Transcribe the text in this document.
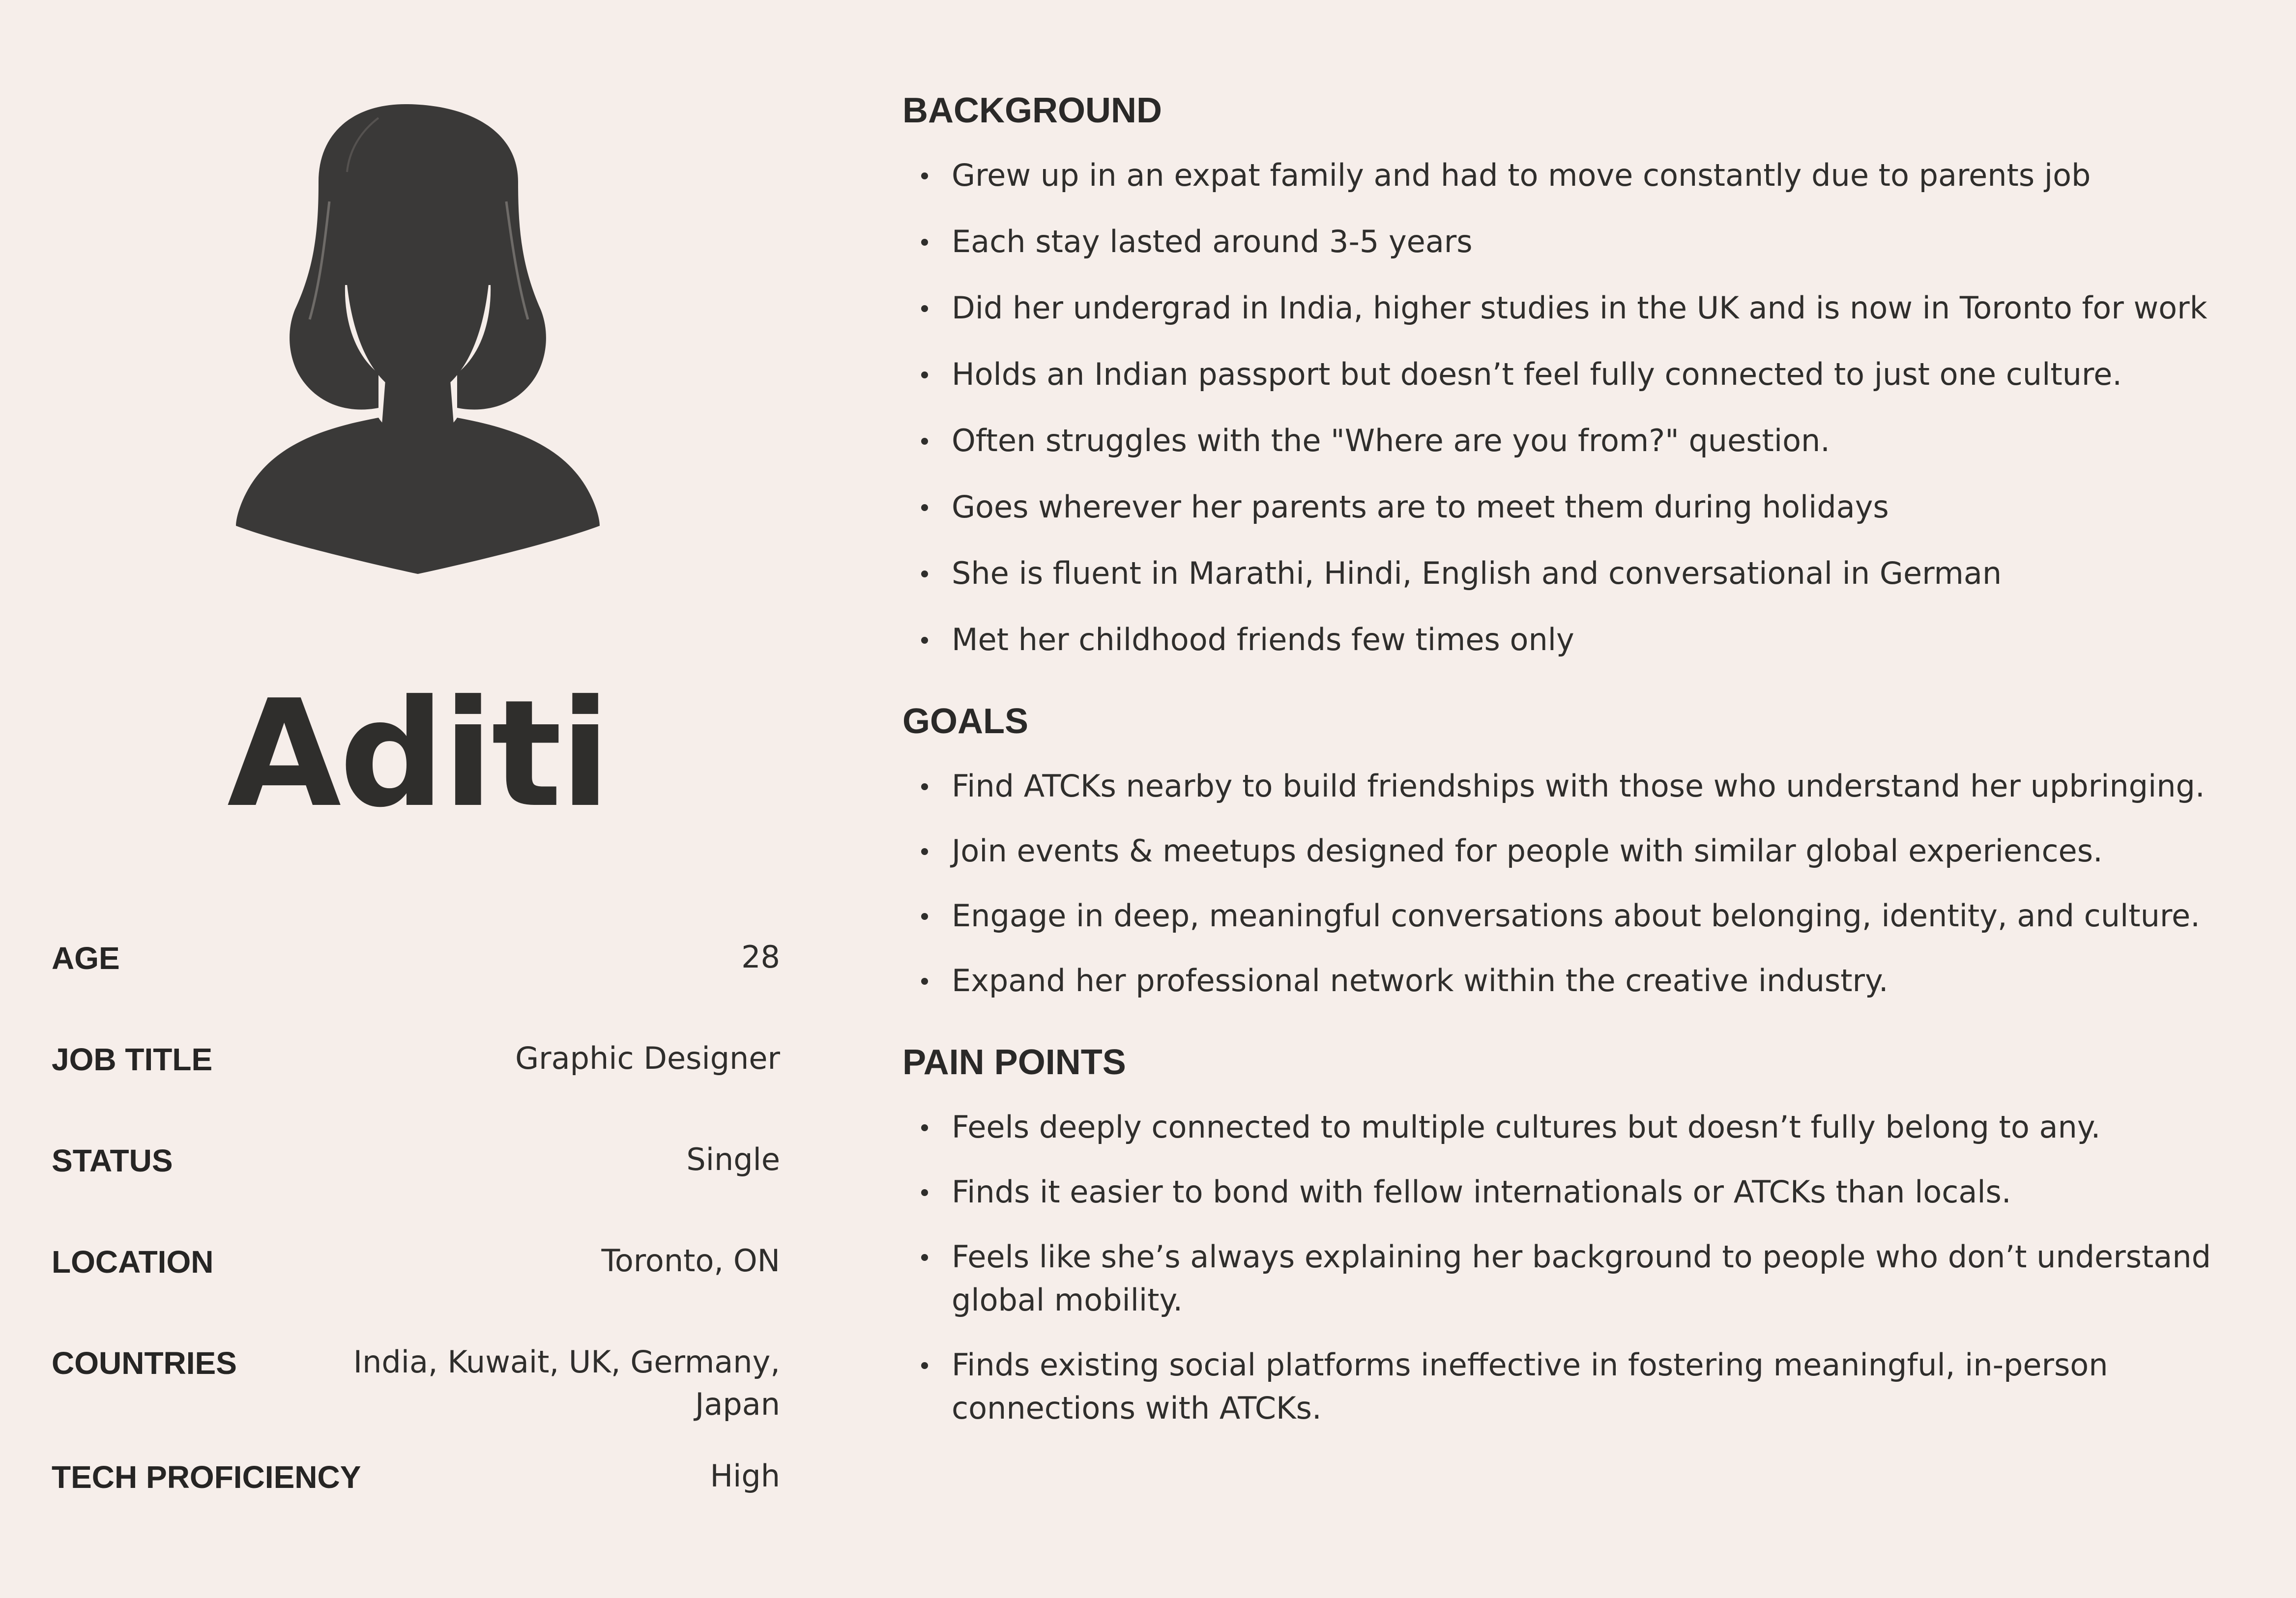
Aditi
AGE	28
JOB TITLE	Graphic Designer
STATUS	Single
LOCATION	Toronto, ON
COUNTRIES	India, Kuwait, UK, Germany,
Japan
TECH PROFICIENCY	High
BACKGROUND
Grew up in an expat family and had to move constantly due to parents job
Each stay lasted around 3-5 years
Did her undergrad in India, higher studies in the UK and is now in Toronto for work
Holds an Indian passport but doesn’t feel fully connected to just one culture.
Often struggles with the "Where are you from?" question.
Goes wherever her parents are to meet them during holidays
She is fluent in Marathi, Hindi, English and conversational in German
Met her childhood friends few times only
GOALS
Find ATCKs nearby to build friendships with those who understand her upbringing.
Join events & meetups designed for people with similar global experiences.
Engage in deep, meaningful conversations about belonging, identity, and culture.
Expand her professional network within the creative industry.
PAIN POINTS
Feels deeply connected to multiple cultures but doesn’t fully belong to any.
Finds it easier to bond with fellow internationals or ATCKs than locals.
Feels like she’s always explaining her background to people who don’t understand global mobility.
Finds existing social platforms ineffective in fostering meaningful, in-person connections with ATCKs.
